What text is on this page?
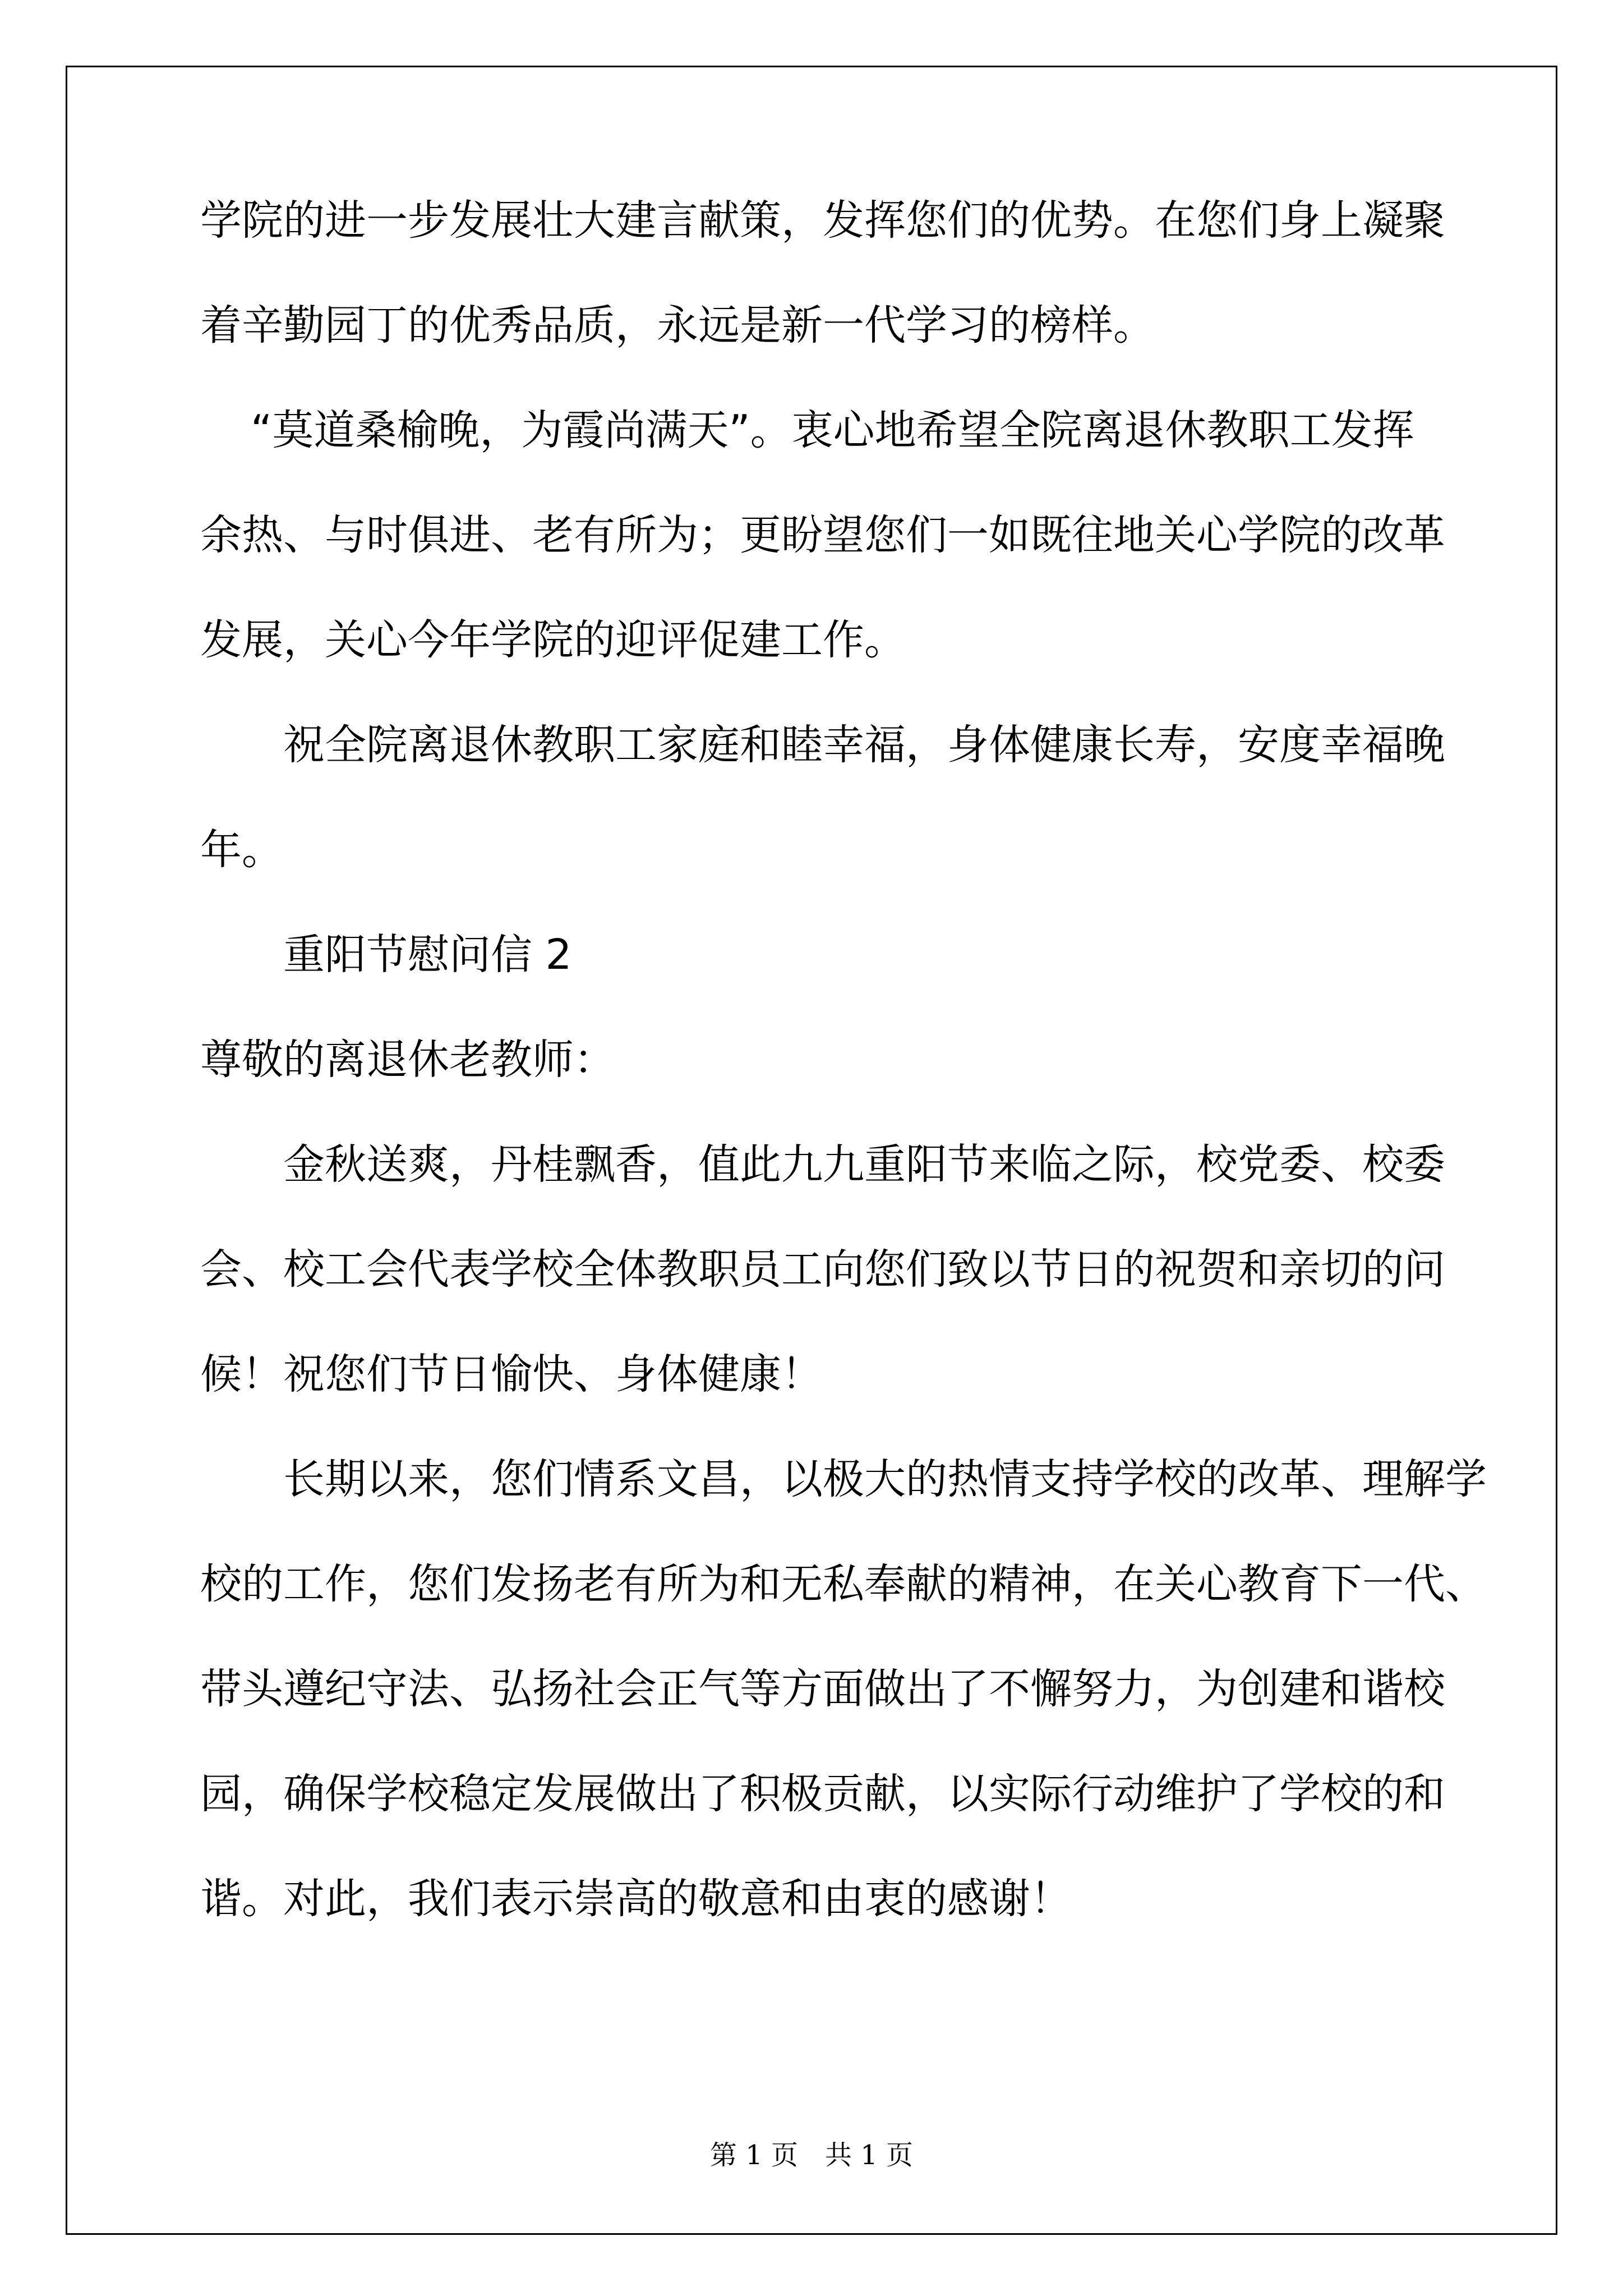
学院的进一步发展壮大建言献策，发挥您们的优势。在您们身上凝聚
着辛勤园丁的优秀品质，永远是新一代学习的榜样。
“莫道桑榆晚，为霞尚满天”。衷心地希望全院离退休教职工发挥
余热、与时俱进、老有所为；更盼望您们一如既往地关心学院的改革
发展，关心今年学院的迎评促建工作。
祝全院离退休教职工家庭和睦幸福，身体健康长寿，安度幸福晚
年。
重阳节慰问信 2
尊敬的离退休老教师：
金秋送爽，丹桂飘香，值此九九重阳节来临之际，校党委、校委
会、校工会代表学校全体教职员工向您们致以节日的祝贺和亲切的问
候！祝您们节日愉快、身体健康！
长期以来，您们情系文昌，以极大的热情支持学校的改革、理解学
校的工作，您们发扬老有所为和无私奉献的精神，在关心教育下一代、
带头遵纪守法、弘扬社会正气等方面做出了不懈努力，为创建和谐校
园，确保学校稳定发展做出了积极贡献，以实际行动维护了学校的和
谐。对此，我们表示崇高的敬意和由衷的感谢！
第 1 页　共 1 页
